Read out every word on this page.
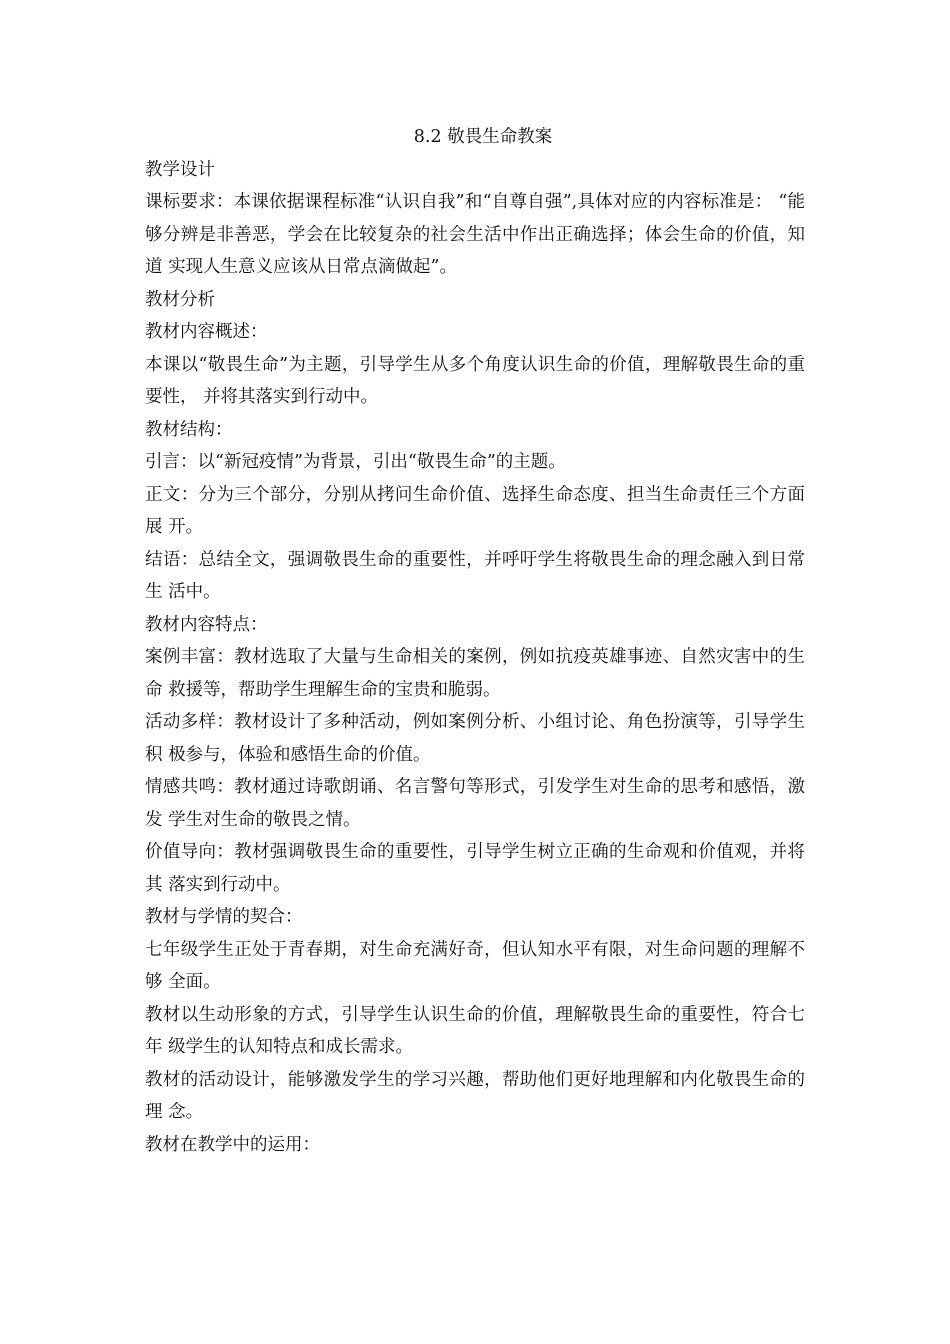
8.2 敬畏生命教案

教学设计

课标要求：本课依据课程标准“认识自我”和“自尊自强”,具体对应的内容标准是： “能够分辨是非善恶，学会在比较复杂的社会生活中作出正确选择；体会生命的价值，知道 实现人生意义应该从日常点滴做起”。

教材分析

教材内容概述：

本课以“敬畏生命”为主题，引导学生从多个角度认识生命的价值，理解敬畏生命的重要性， 并将其落实到行动中。

教材结构：

引言：以“新冠疫情”为背景，引出“敬畏生命”的主题。

正文：分为三个部分，分别从拷问生命价值、选择生命态度、担当生命责任三个方面展 开。

结语：总结全文，强调敬畏生命的重要性，并呼吁学生将敬畏生命的理念融入到日常生 活中。

教材内容特点：

案例丰富：教材选取了大量与生命相关的案例，例如抗疫英雄事迹、自然灾害中的生命 救援等，帮助学生理解生命的宝贵和脆弱。

活动多样：教材设计了多种活动，例如案例分析、小组讨论、角色扮演等，引导学生积 极参与，体验和感悟生命的价值。

情感共鸣：教材通过诗歌朗诵、名言警句等形式，引发学生对生命的思考和感悟，激发 学生对生命的敬畏之情。

价值导向：教材强调敬畏生命的重要性，引导学生树立正确的生命观和价值观，并将其 落实到行动中。

教材与学情的契合：

七年级学生正处于青春期，对生命充满好奇，但认知水平有限，对生命问题的理解不够 全面。

教材以生动形象的方式，引导学生认识生命的价值，理解敬畏生命的重要性，符合七年 级学生的认知特点和成长需求。

教材的活动设计，能够激发学生的学习兴趣，帮助他们更好地理解和内化敬畏生命的理 念。

教材在教学中的运用：
